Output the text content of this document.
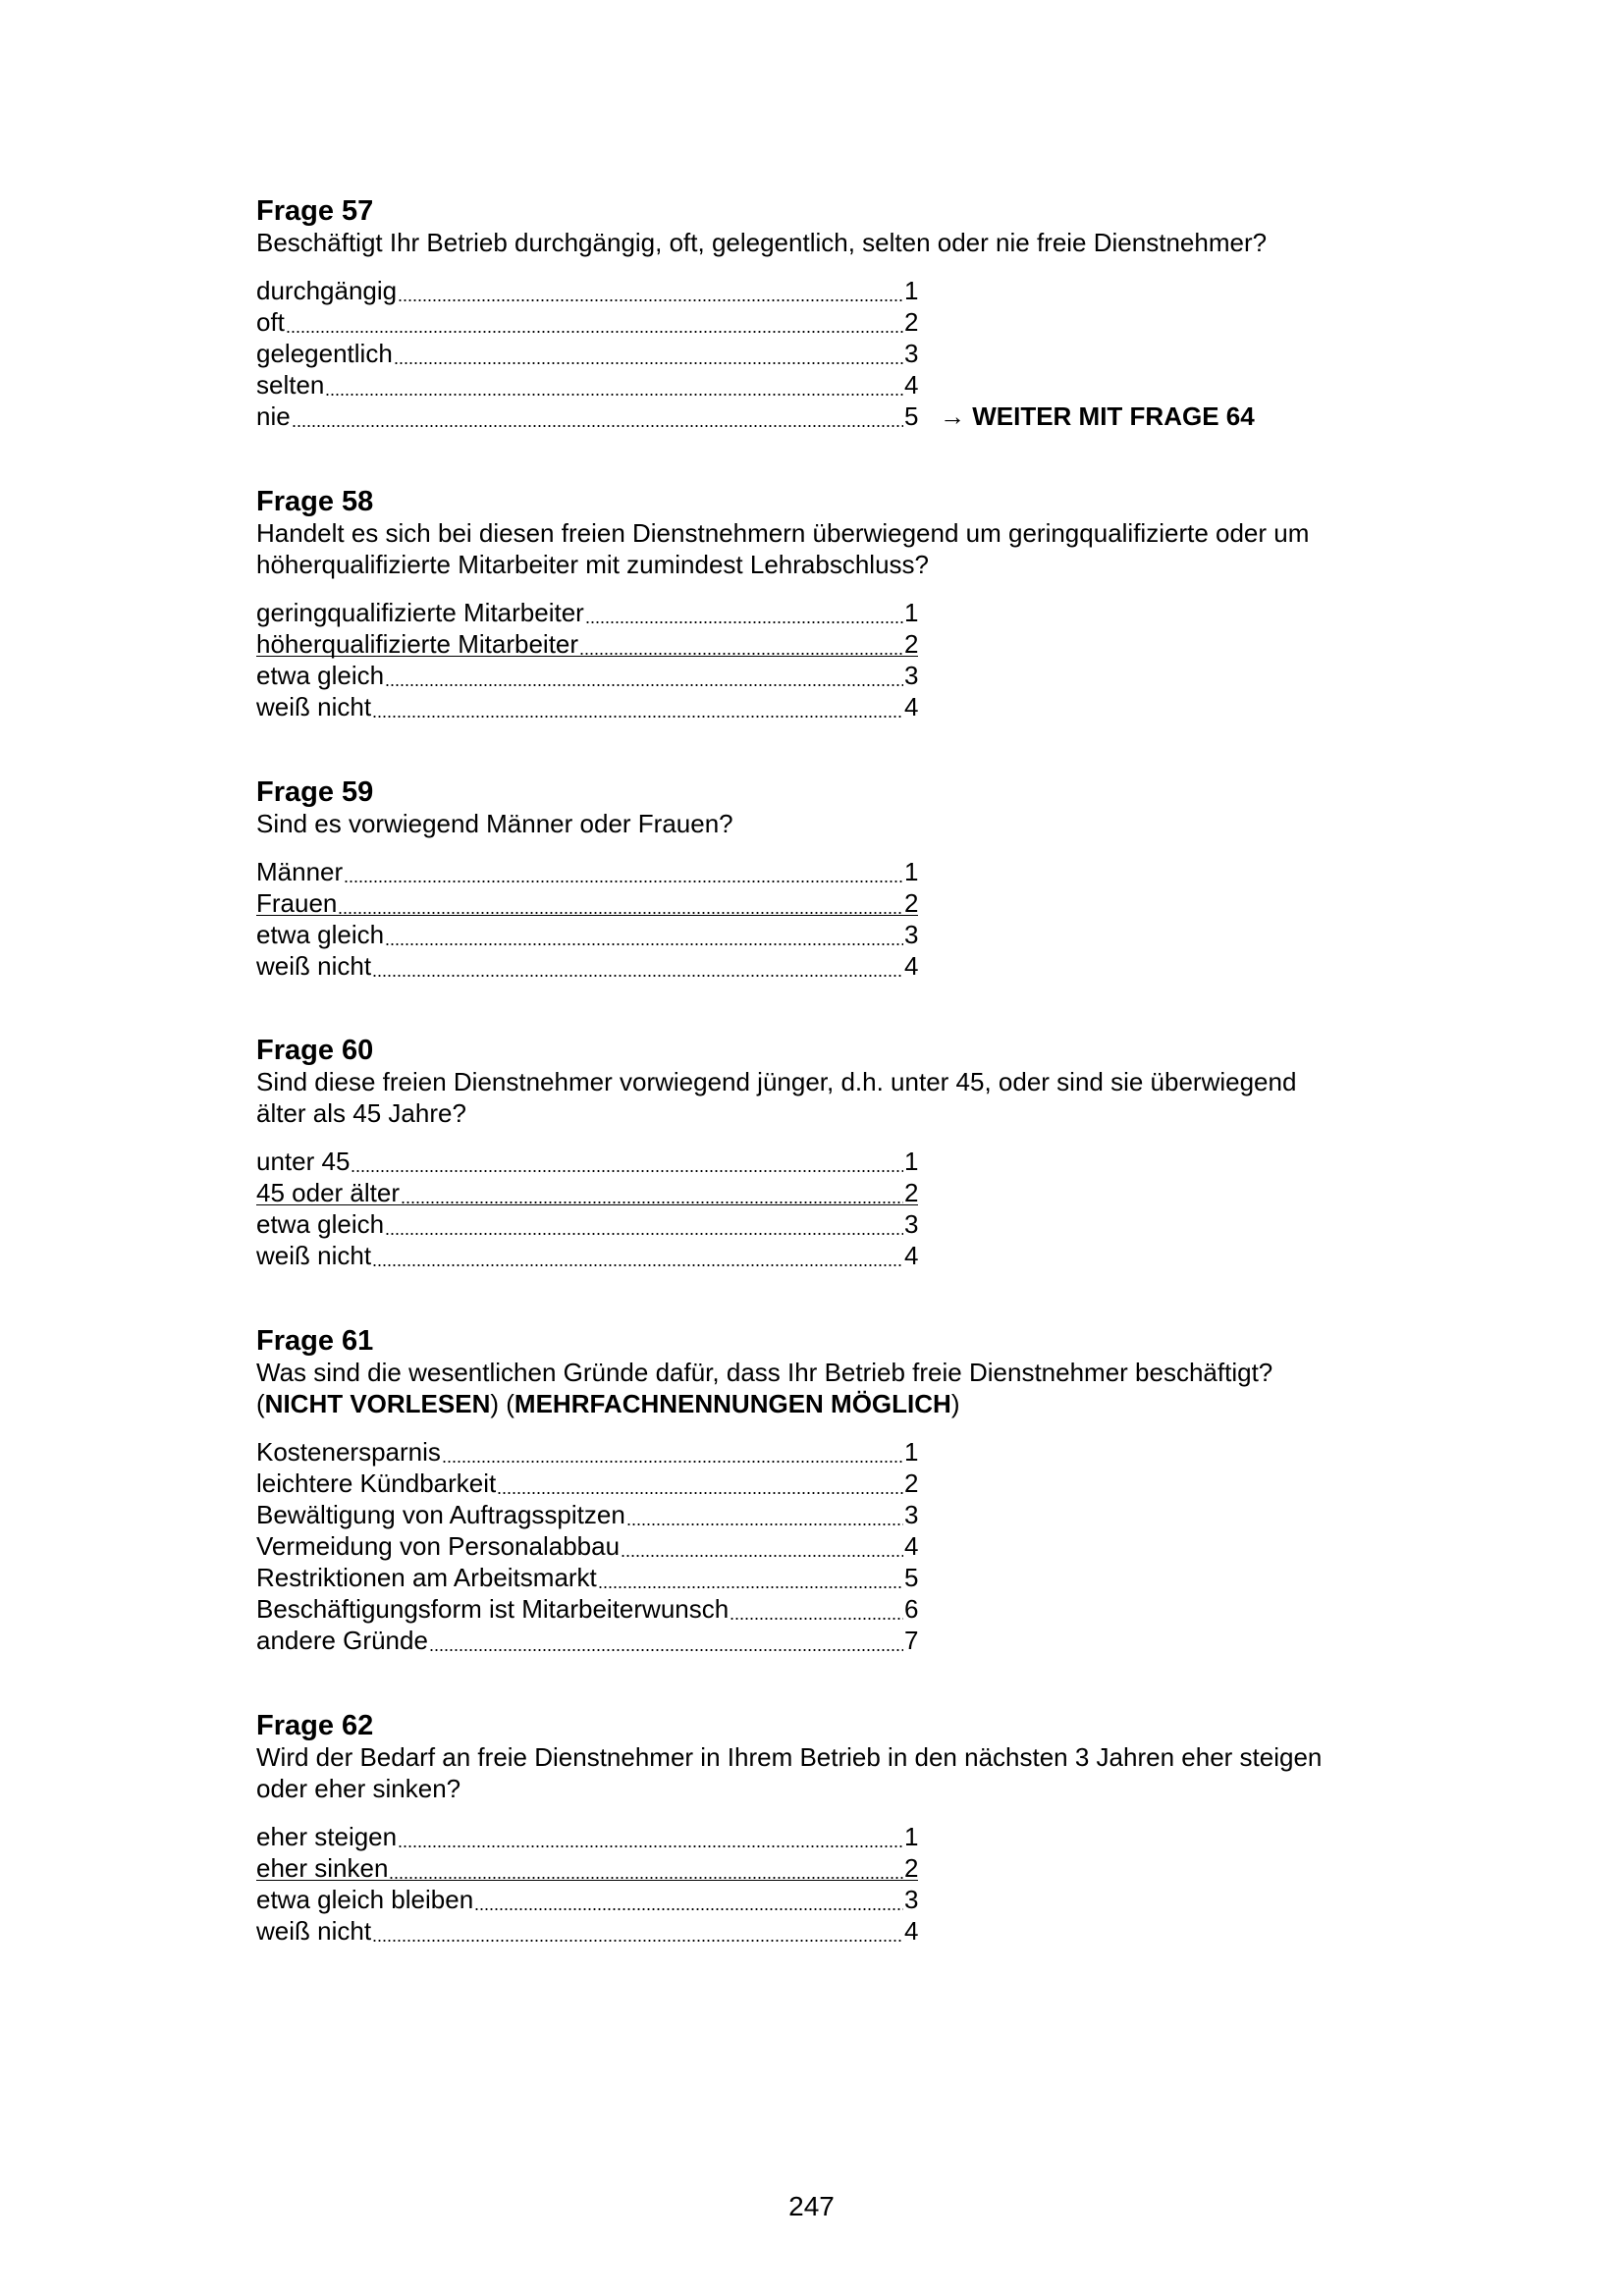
Frage 57
Beschäftigt Ihr Betrieb durchgängig, oft, gelegentlich, selten oder nie freie Dienstnehmer?
durchgängig	1
oft	2
gelegentlich	3
selten	4
nie	5 → WEITER MIT FRAGE 64
Frage 58
Handelt es sich bei diesen freien Dienstnehmern überwiegend um geringqualifizierte oder um
höherqualifizierte Mitarbeiter mit zumindest Lehrabschluss?
geringqualifizierte Mitarbeiter	1
höherqualifizierte Mitarbeiter	2
etwa gleich	3
weiß nicht	4
Frage 59
Sind es vorwiegend Männer oder Frauen?
Männer	1
Frauen	2
etwa gleich	3
weiß nicht	4
Frage 60
Sind diese freien Dienstnehmer vorwiegend jünger, d.h. unter 45, oder sind sie überwiegend
älter als 45 Jahre?
unter 45	1
45 oder älter	2
etwa gleich	3
weiß nicht	4
Frage 61
Was sind die wesentlichen Gründe dafür, dass Ihr Betrieb freie Dienstnehmer beschäftigt?
(NICHT VORLESEN) (MEHRFACHNENNUNGEN MÖGLICH)
Kostenersparnis	1
leichtere Kündbarkeit	2
Bewältigung von Auftragsspitzen	3
Vermeidung von Personalabbau	4
Restriktionen am Arbeitsmarkt	5
Beschäftigungsform ist Mitarbeiterwunsch	6
andere Gründe	7
Frage 62
Wird der Bedarf an freie Dienstnehmer in Ihrem Betrieb in den nächsten 3 Jahren eher steigen
oder eher sinken?
eher steigen	1
eher sinken	2
etwa gleich bleiben	3
weiß nicht	4
247
